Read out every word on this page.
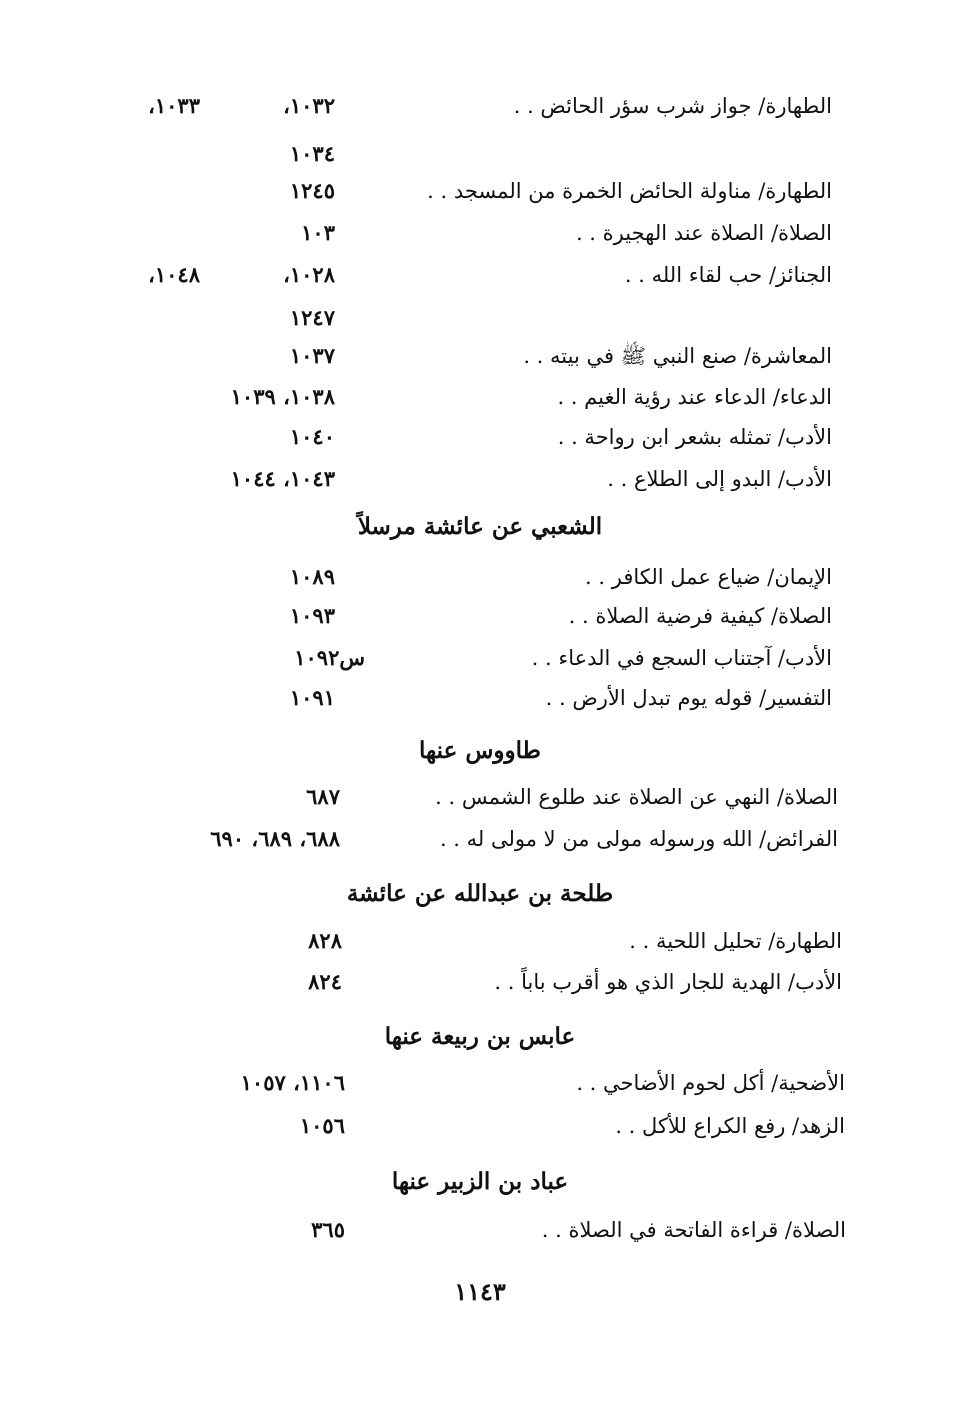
الطهارة/ جواز شرب سؤر الحائض . .
١٠٣٢،
١٠٣٣،
١٠٣٤
الطهارة/ مناولة الحائض الخمرة من المسجد . .
١٢٤٥
الصلاة/ الصلاة عند الهجيرة . .
١٠٣
الجنائز/ حب لقاء الله . .
١٠٢٨،
١٠٤٨،
١٢٤٧
المعاشرة/ صنع النبي ﷺ في بيته . .
١٠٣٧
الدعاء/ الدعاء عند رؤية الغيم . .
١٠٣٨، ١٠٣٩
الأدب/ تمثله بشعر ابن رواحة . .
١٠٤٠
الأدب/ البدو إلى الطلاع . .
١٠٤٣، ١٠٤٤
الشعبي عن عائشة مرسلاً
الإيمان/ ضياع عمل الكافر . .
١٠٨٩
الصلاة/ كيفية فرضية الصلاة . .
١٠٩٣
الأدب/ آجتناب السجع في الدعاء . .
س١٠٩٢
التفسير/ قوله يوم تبدل الأرض . .
١٠٩١
طاووس عنها
الصلاة/ النهي عن الصلاة عند طلوع الشمس . .
٦٨٧
الفرائض/ الله ورسوله مولى من لا مولى له . .
٦٨٨، ٦٨٩، ٦٩٠
طلحة بن عبدالله عن عائشة
الطهارة/ تحليل اللحية . .
٨٢٨
الأدب/ الهدية للجار الذي هو أقرب باباً . .
٨٢٤
عابس بن ربيعة عنها
الأضحية/ أكل لحوم الأضاحي . .
١١٠٦، ١٠٥٧
الزهد/ رفع الكراع للأكل . .
١٠٥٦
عباد بن الزبير عنها
الصلاة/ قراءة الفاتحة في الصلاة . .
٣٦٥
١١٤٣
